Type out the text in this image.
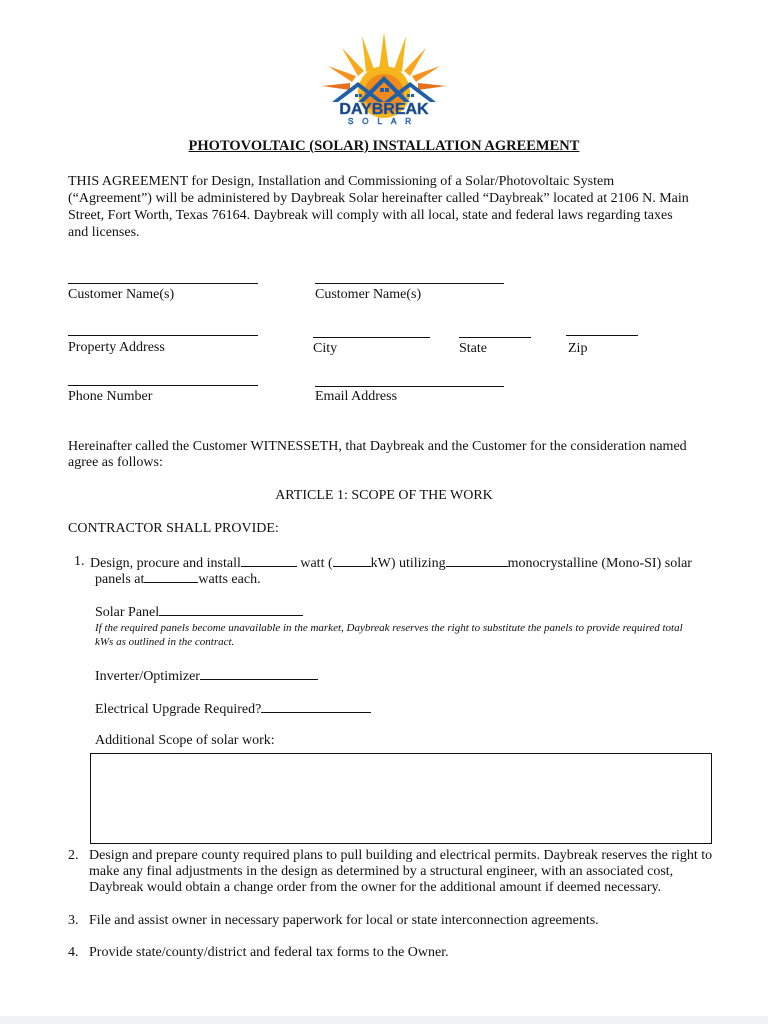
DAYBREAK
SOLAR
PHOTOVOLTAIC (SOLAR) INSTALLATION AGREEMENT
THIS AGREEMENT for Design, Installation and Commissioning of a Solar/Photovoltaic System (“Agreement”) will be administered by Daybreak Solar hereinafter called “Daybreak” located at 2106 N. Main Street, Fort Worth, Texas 76164. Daybreak will comply with all local, state and federal laws regarding taxes and licenses.
Customer Name(s)	Customer Name(s)
Property Address	City	State	Zip
Phone Number	Email Address
Hereinafter called the Customer WITNESSETH, that Daybreak and the Customer for the consideration named agree as follows:
ARTICLE 1: SCOPE OF THE WORK
CONTRACTOR SHALL PROVIDE:
1. Design, procure and install	watt (	kW) utilizing	monocrystalline (Mono-SI) solar
panels at	watts each.
Solar Panel
If the required panels become unavailable in the market, Daybreak reserves the right to substitute the panels to provide required total kWs as outlined in the contract.
Inverter/Optimizer
Electrical Upgrade Required?
Additional Scope of solar work:
2. Design and prepare county required plans to pull building and electrical permits. Daybreak reserves the right to make any final adjustments in the design as determined by a structural engineer, with an associated cost, Daybreak would obtain a change order from the owner for the additional amount if deemed necessary.
3. File and assist owner in necessary paperwork for local or state interconnection agreements.
4. Provide state/county/district and federal tax forms to the Owner.
